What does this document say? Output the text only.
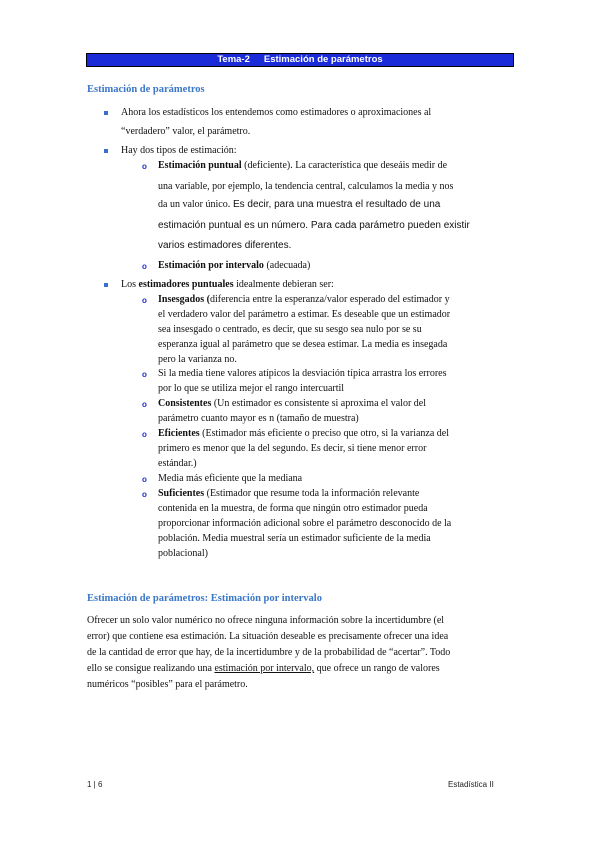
Tema-2 Estimación de parámetros
Estimación de parámetros
Ahora los estadísticos los entendemos como estimadores o aproximaciones al
“verdadero” valor, el parámetro.
Hay dos tipos de estimación:
o Estimación puntual (deficiente). La característica que deseáis medir de
una variable, por ejemplo, la tendencia central, calculamos la media y nos
da un valor único. Es decir, para una muestra el resultado de una
estimación puntual es un número. Para cada parámetro pueden existir
varios estimadores diferentes.
o Estimación por intervalo (adecuada)
Los estimadores puntuales idealmente debieran ser:
o Insesgados (diferencia entre la esperanza/valor esperado del estimador y
el verdadero valor del parámetro a estimar. Es deseable que un estimador
sea insesgado o centrado, es decir, que su sesgo sea nulo por se su
esperanza igual al parámetro que se desea estimar. La media es insegada
pero la varianza no.
o Si la media tiene valores atípicos la desviación típica arrastra los errores
por lo que se utiliza mejor el rango intercuartil
o Consistentes (Un estimador es consistente si aproxima el valor del
parámetro cuanto mayor es n (tamaño de muestra)
o Eficientes (Estimador más eficiente o preciso que otro, si la varianza del
primero es menor que la del segundo. Es decir, si tiene menor error
estándar.)
o Media más eficiente que la mediana
o Suficientes (Estimador que resume toda la información relevante
contenida en la muestra, de forma que ningún otro estimador pueda
proporcionar información adicional sobre el parámetro desconocido de la
población. Media muestral sería un estimador suficiente de la media
poblacional)
Estimación de parámetros: Estimación por intervalo
Ofrecer un solo valor numérico no ofrece ninguna información sobre la incertidumbre (el
error) que contiene esa estimación. La situación deseable es precisamente ofrecer una idea
de la cantidad de error que hay, de la incertidumbre y de la probabilidad de “acertar”. Todo
ello se consigue realizando una estimación por intervalo, que ofrece un rango de valores
numéricos “posibles” para el parámetro.
1 | 6	Estadística II
